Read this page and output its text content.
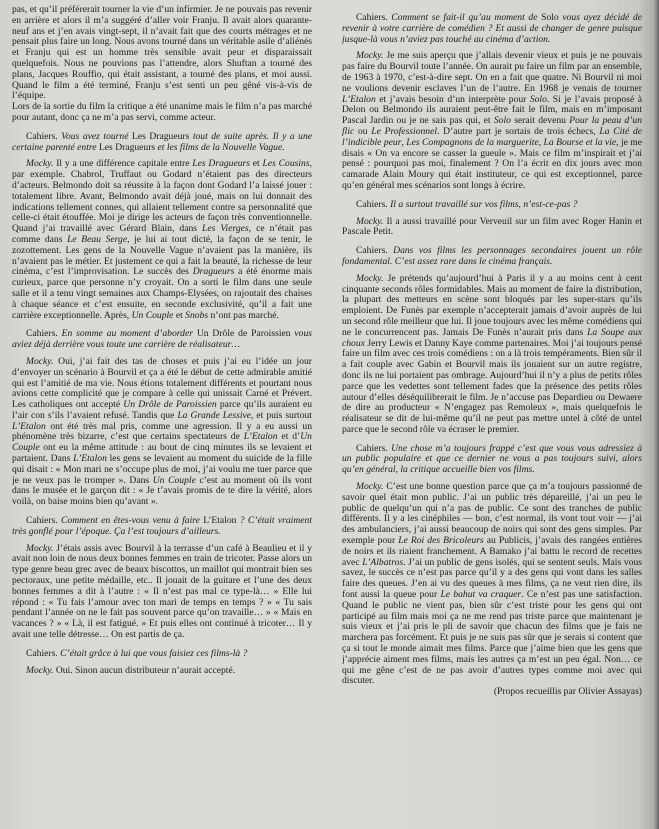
pas, et qu’il préférerait tourner la vie d’un infirmier. Je ne pouvais pas revenir en arrière et alors il m’a suggéré d’aller voir Franju. Il avait alors quarante-neuf ans et j’en avais vingt-sept, il n’avait fait que des courts métrages et ne pensait plus faire un long. Nous avons tourné dans un véritable asile d’aliénés et Franju qui est un homme très sensible avait peur et disparaissait quelquefois. Nous ne pouvions pas l’attendre, alors Shuftan a tourné des plans, Jacques Rouffio, qui était assistant, a tourné des plans, et moi aussi. Quand le film a été terminé, Franju s’est senti un peu gêné vis-à-vis de l’équipe.

Lors de la sortie du film la critique a été unanime mais le film n’a pas marché pour autant, donc ça ne m’a pas servi, comme acteur.

Cahiers. Vous avez tourné Les Dragueurs tout de suite après. Il y a une certaine parenté entre Les Dragueurs et les films de la Nouvelle Vague.

Mocky. Il y a une différence capitale entre Les Dragueurs et Les Cousins, par exemple. Chabrol, Truffaut ou Godard n’étaient pas des directeurs d’acteurs. Belmondo doit sa réussite à la façon dont Godard l’a laissé jouer : totalement libre. Avant, Belmondo avait déjà joué, mais on lui donnait des indications tellement connes, qui allaient tellement contre sa personnalité que celle-ci était étouffée. Moi je dirige les acteurs de façon très conventionnelle. Quand j’ai travaillé avec Gérard Blain, dans Les Vierges, ce n’était pas comme dans Le Beau Serge, je lui ai tout dicté, la façon de se tenir, le zozottement. Les gens de la Nouvelle Vague n’avaient pas la manière, ils n’avaient pas le métier. Et justement ce qui a fait la beauté, la richesse de leur cinéma, c’est l’improvisation. Le succès des Dragueurs a été énorme mais curieux, parce que personne n’y croyait. On a sorti le film dans une seule salle et il a tenu vingt semaines aux Champs-Elysées, on rajoutait des chaises à chaque séance et c’est ensuite, en seconde exclusivité, qu’il a fait une carrière exceptionnelle. Après, Un Couple et Snobs n’ont pas marché.

Cahiers. En somme au moment d’aborder Un Drôle de Paroissien vous aviez déjà derrière vous toute une carrière de réalisateur…

Mocky. Oui, j’ai fait des tas de choses et puis j’ai eu l’idée un jour d’envoyer un scénario à Bourvil et ça a été le début de cette admirable amitié qui est l’amitié de ma vie. Nous étions totalement différents et pourtant nous avions cette complicité que je compare à celle qui unissait Carné et Prévert. Les catholiques ont accepté Un Drôle de Paroissien parce qu’ils auraient eu l’air con s’ils l’avaient refusé. Tandis que La Grande Lessive, et puis surtout L’Etalon ont été très mal pris, comme une agression. Il y a eu aussi un phénomène très bizarre, c’est que certains spectateurs de L’Etalon et d’Un Couple ont eu la même attitude : au bout de cinq minutes ils se levaient et partaient. Dans L’Etalon les gens se levaient au moment du suicide de la fille qui disait : « Mon mari ne s’occupe plus de moi, j’ai voulu me tuer parce que je ne veux pas le tromper ». Dans Un Couple c’est au moment où ils vont dans le musée et le garçon dit : « Je t’avais promis de te dire la vérité, alors voilà, on baise moins bien qu’avant ».

Cahiers. Comment en êtes-vous venu à faire L’Etalon ? C’était vraiment très gonflé pour l’époque. Ça l’est toujours d’ailleurs.

Mocky. J’étais assis avec Bourvil à la terrasse d’un café à Beaulieu et il y avait non loin de nous deux bonnes femmes en train de tricoter. Passe alors un type genre beau grec avec de beaux biscottos, un maillot qui montrait bien ses pectoraux, une petite médaille, etc.. Il jouait de la guitare et l’une des deux bonnes femmes a dit à l’autre : « Il n’est pas mal ce type-là… » Elle lui répond : « Tu fais l’amour avec ton mari de temps en temps ? » « Tu sais pendant l’année on ne le fait pas souvent parce qu’on travaille… » « Mais en vacances ? » « Là, il est fatigué. » Et puis elles ont continué à tricoter… Il y avait une telle détresse… On est partis de ça.

Cahiers. C’était grâce à lui que vous faisiez ces films-là ?

Mocky. Oui. Sinon aucun distributeur n’aurait accepté.

Cahiers. Comment se fait-il qu’au moment de Solo vous ayez décidé de revenir à votre carrière de comédien ? Et aussi de changer de genre puisque jusque-là vous n’aviez pas touché au cinéma d’action.

Mocky. Je me suis aperçu que j’allais devenir vieux et puis je ne pouvais pas faire du Bourvil toute l’année. On aurait pu faire un film par an ensemble, de 1963 à 1970, c’est-à-dire sept. On en a fait que quatre. Ni Bourvil ni moi ne voulions devenir esclaves l’un de l’autre. En 1968 je venais de tourner L’Etalon et j’avais besoin d’un interprète pour Solo. Si je l’avais proposé à Delon ou Belmondo ils auraient peut-être fait le film, mais en m’imposant Pascal Jardin ou je ne sais pas qui, et Solo serait devenu Pour la peau d’un flic ou Le Professionnel. D’autre part je sortais de trois échecs, La Cité de l’indicible peur, Les Compagnons de la marguerite, La Bourse et la vie, je me disais « On va encore se casser la gueule ». Mais ce film m’inspirait et j’ai pensé : pourquoi pas moi, finalement ? On l’a écrit en dix jours avec mon camarade Alain Moury qui était instituteur, ce qui est exceptionnel, parce qu’en général mes scénarios sont longs à écrire.

Cahiers. Il a surtout travaillé sur vos films, n’est-ce-pas ?

Mocky. Il a aussi travaillé pour Verveuil sur un film avec Roger Hanin et Pascale Petit.

Cahiers. Dans vos films les personnages secondaires jouent un rôle fondamental. C’est assez rare dans le cinéma français.

Mocky. Je prétends qu’aujourd’hui à Paris il y a au moins cent à cent cinquante seconds rôles formidables. Mais au moment de faire la distribution, la plupart des metteurs en scène sont bloqués par les super-stars qu’ils emploient. De Funès par exemple n’accepterait jamais d’avoir auprès de lui un second rôle meilleur que lui. Il joue toujours avec les même comédiens qui ne le concurrencent pas. Jamais De Funès n’aurait pris dans La Soupe aux choux Jerry Lewis et Danny Kaye comme partenaires. Moi j’ai toujours pensé faire un film avec ces trois comédiens : on a là trois tempéraments. Bien sûr il a fait couple avec Gabin et Bourvil mais ils jouaient sur un autre registre, donc ils ne lui portaient pas ombrage. Aujourd’hui il n’y a plus de petits rôles parce que les vedettes sont tellement fades que la présence des petits rôles autour d’elles déséquilibrerait le film. Je n’accuse pas Depardieu ou Dewaere de dire au producteur « N’engagez pas Remoleux », mais quelquefois le réalisateur se dit de lui-même qu’il ne peut pas mettre untel à côté de untel parce que le second rôle va écraser le premier.

Cahiers. Une chose m’a toujours frappé c’est que vous vous adressiez à un public populaire et que ce dernier ne vous a pas toujours suivi, alors qu’en général, la critique accueille bien vos films.

Mocky. C’est une bonne question parce que ça m’a toujours passionné de savoir quel était mon public. J’ai un public très dépareillé, j’ai un peu le public de quelqu’un qui n’a pas de public. Ce sont des tranches de public différents. Il y a les cinéphiles — bon, c’est normal, ils vont tout voir — j’ai des ambulanciers, j’ai aussi beaucoup de noirs qui sont des gens simples. Par exemple pour Le Roi des Bricoleurs au Publicis, j’avais des rangées entières de noirs et ils riaient franchement. A Bamako j’ai battu le record de recettes avec L’Albatros. J’ai un public de gens isolés, qui se sentent seuls. Mais vous savez, le succès ce n’est pas parce qu’il y a des gens qui vont dans les salles faire des queues. J’en ai vu des queues à mes films, ça ne veut rien dire, ils font aussi la queue pour Le bahut va craquer. Ce n’est pas une satisfaction. Quand le public ne vient pas, bien sûr c’est triste pour les gens qui ont participé au film mais moi ça ne me rend pas triste parce que maintenant je suis vieux et j’ai pris le pli de savoir que chacun des films que je fais ne marchera pas forcément. Et puis je ne suis pas sûr que je serais si content que ça si tout le monde aimait mes films. Parce que j’aime bien que les gens que j’apprécie aiment mes films, mais les autres ça m’est un peu égal. Non… ce qui me gêne c’est de ne pas avoir d’autres types comme moi avec qui discuter.

(Propos recueillis par Olivier Assayas)
